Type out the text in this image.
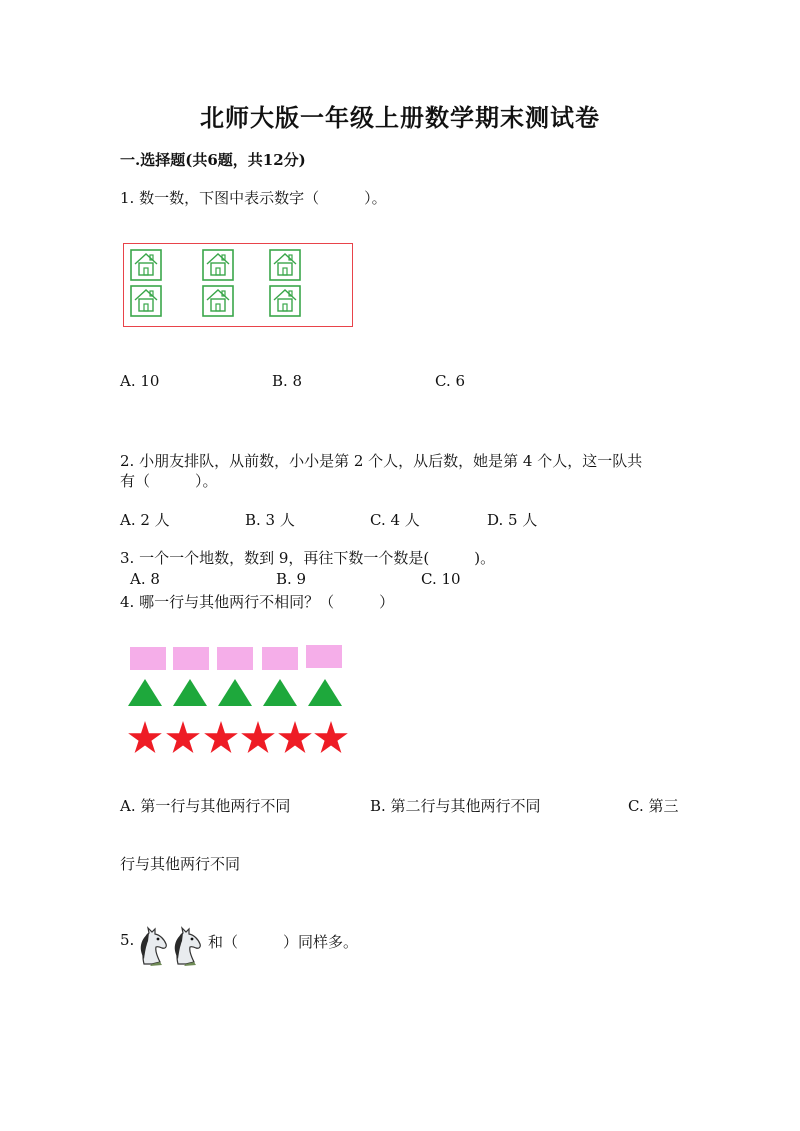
北师大版一年级上册数学期末测试卷
一.选择题(共6题，共12分)
1. 数一数，下图中表示数字（　　　）。
A. 10	B. 8	C. 6
2. 小朋友排队，从前数，小小是第 2 个人，从后数，她是第 4 个人，这一队共
有（　　　）。
A. 2 人	B. 3 人	C. 4 人	D. 5 人
3. 一个一个地数，数到 9，再往下数一个数是(　　　)。
A. 8	B. 9	C. 10
4. 哪一行与其他两行不相同？（　　　）
A. 第一行与其他两行不同	B. 第二行与其他两行不同	C. 第三
行与其他两行不同
5.	和（　　　）同样多。
